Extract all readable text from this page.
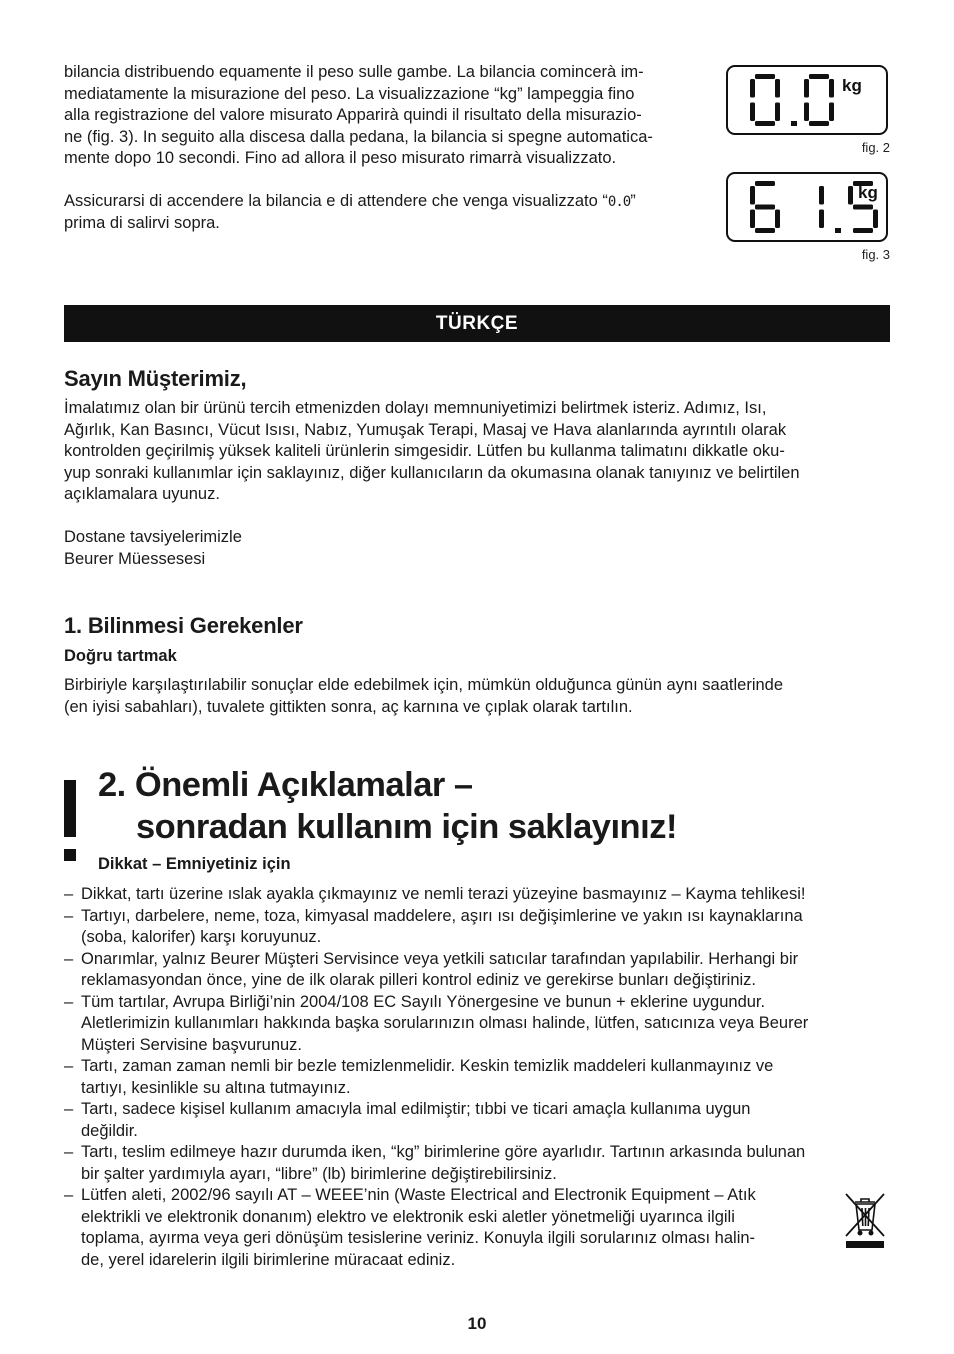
bilancia distribuendo equamente il peso sulle gambe. La bilancia comincerà im-
mediatamente la misurazione del peso. La visualizzazione “kg” lampeggia fino
alla registrazione del valore misurato Apparirà quindi il risultato della misurazio-
ne (fig. 3). In seguito alla discesa dalla pedana, la bilancia si spegne automatica-
mente dopo 10 secondi. Fino ad allora il peso misurato rimarrà visualizzato.

Assicurarsi di accendere la bilancia e di attendere che venga visualizzato “0.0”
prima di salirvi sopra.

kg
fig. 2
kg
fig. 3
TÜRKÇE
Sayın Müşterimiz,
İmalatımız olan bir ürünü tercih etmenizden dolayı memnuniyetimizi belirtmek isteriz. Adımız, Isı,
Ağırlık, Kan Basıncı, Vücut Isısı, Nabız, Yumuşak Terapi, Masaj ve Hava alanlarında ayrıntılı olarak
kontrolden geçirilmiş yüksek kaliteli ürünlerin simgesidir. Lütfen bu kullanma talimatını dikkatle oku-
yup sonraki kullanımlar için saklayınız, diğer kullanıcıların da okumasına olanak tanıyınız ve belirtilen
açıklamalara uyunuz.
Dostane tavsiyelerimizle
Beurer Müessesesi
1. Bilinmesi Gerekenler
Doğru tartmak
Birbiriyle karşılaştırılabilir sonuçlar elde edebilmek için, mümkün olduğunca günün aynı saatlerinde
(en iyisi sabahları), tuvalete gittikten sonra, aç karnına ve çıplak olarak tartılın.
2. Önemli Açıklamalar –
sonradan kullanım için saklayınız!
Dikkat – Emniyetiniz için
– Dikkat, tartı üzerine ıslak ayakla çıkmayınız ve nemli terazi yüzeyine basmayınız – Kayma tehlikesi!
– Tartıyı, darbelere, neme, toza, kimyasal maddelere, aşırı ısı değişimlerine ve yakın ısı kaynaklarına
(soba, kalorifer) karşı koruyunuz.
– Onarımlar, yalnız Beurer Müşteri Servisince veya yetkili satıcılar tarafından yapılabilir. Herhangi bir
reklamasyondan önce, yine de ilk olarak pilleri kontrol ediniz ve gerekirse bunları değiştiriniz.
– Tüm tartılar, Avrupa Birliği’nin 2004/108 EC Sayılı Yönergesine ve bunun + eklerine uygundur.
Aletlerimizin kullanımları hakkında başka sorularınızın olması halinde, lütfen, satıcınıza veya Beurer
Müşteri Servisine başvurunuz.
– Tartı, zaman zaman nemli bir bezle temizlenmelidir. Keskin temizlik maddeleri kullanmayınız ve
tartıyı, kesinlikle su altına tutmayınız.
– Tartı, sadece kişisel kullanım amacıyla imal edilmiştir; tıbbi ve ticari amaçla kullanıma uygun
değildir.
– Tartı, teslim edilmeye hazır durumda iken, “kg” birimlerine göre ayarlıdır. Tartının arkasında bulunan
bir şalter yardımıyla ayarı, “libre” (lb) birimlerine değiştirebilirsiniz.
– Lütfen aleti, 2002/96 sayılı AT – WEEE’nin (Waste Electrical and Electronik Equipment – Atık
elektrikli ve elektronik donanım) elektro ve elektronik eski aletler yönetmeliği uyarınca ilgili
toplama, ayırma veya geri dönüşüm tesislerine veriniz. Konuyla ilgili sorularınız olması halin-
de, yerel idarelerin ilgili birimlerine müracaat ediniz.
10
